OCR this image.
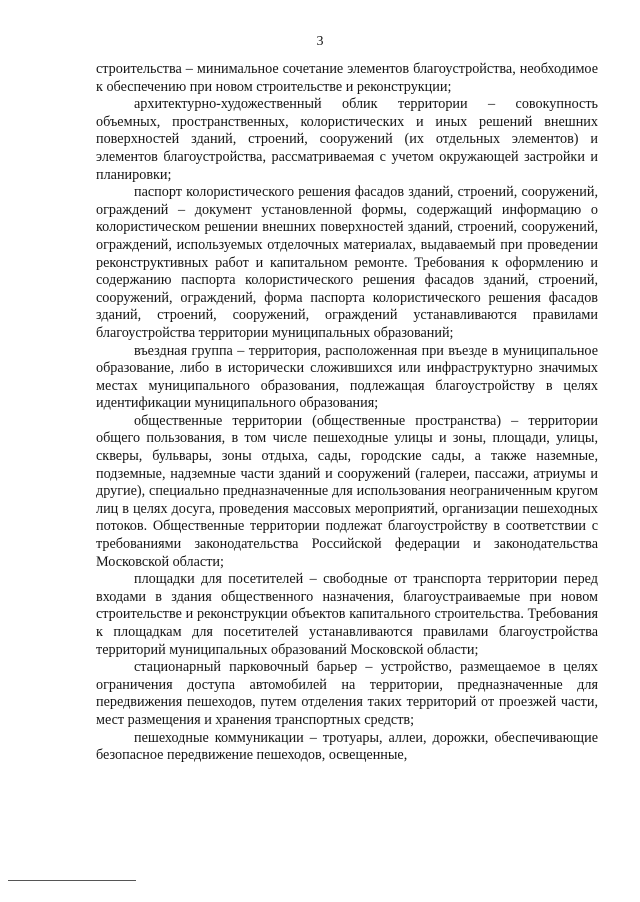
3

строительства – минимальное сочетание элементов благоустройства, необходимое к обеспечению при новом строительстве и реконструкции;

архитектурно-художественный облик территории – совокупность объемных, пространственных, колористических и иных решений внешних поверхностей зданий, строений, сооружений (их отдельных элементов) и элементов благоустройства, рассматриваемая с учетом окружающей застройки и планировки;

паспорт колористического решения фасадов зданий, строений, сооружений, ограждений – документ установленной формы, содержащий информацию о колористическом решении внешних поверхностей зданий, строений, сооружений, ограждений, используемых отделочных материалах, выдаваемый при проведении реконструктивных работ и капитальном ремонте. Требования к оформлению и содержанию паспорта колористического решения фасадов зданий, строений, сооружений, ограждений, форма паспорта колористического решения фасадов зданий, строений, сооружений, ограждений устанавливаются правилами благоустройства территории муниципальных образований;

въездная группа – территория, расположенная при въезде в муниципальное образование, либо в исторически сложившихся или инфраструктурно значимых местах муниципального образования, подлежащая благоустройству в целях идентификации муниципального образования;

общественные территории (общественные пространства) – территории общего пользования, в том числе пешеходные улицы и зоны, площади, улицы, скверы, бульвары, зоны отдыха, сады, городские сады, а также наземные, подземные, надземные части зданий и сооружений (галереи, пассажи, атриумы и другие), специально предназначенные для использования неограниченным кругом лиц в целях досуга, проведения массовых мероприятий, организации пешеходных потоков. Общественные территории подлежат благоустройству в соответствии с требованиями законодательства Российской федерации и законодательства Московской области;

площадки для посетителей – свободные от транспорта территории перед входами в здания общественного назначения, благоустраиваемые при новом строительстве и реконструкции объектов капитального строительства. Требования к площадкам для посетителей устанавливаются правилами благоустройства территорий муниципальных образований Московской области;

стационарный парковочный барьер – устройство, размещаемое в целях ограничения доступа автомобилей на территории, предназначенные для передвижения пешеходов, путем отделения таких территорий от проезжей части, мест размещения и хранения транспортных средств;

пешеходные коммуникации – тротуары, аллеи, дорожки, обеспечивающие безопасное передвижение пешеходов, освещенные,
